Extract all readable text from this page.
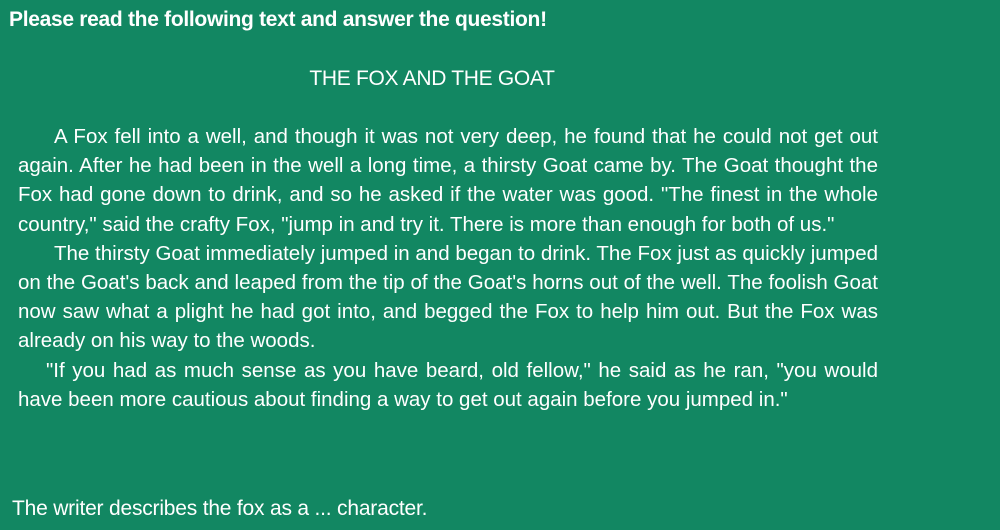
Please read the following text and answer the question!
THE FOX AND THE GOAT

A Fox fell into a well, and though it was not very deep, he found that he could not get out again. After he had been in the well a long time, a thirsty Goat came by. The Goat thought the Fox had gone down to drink, and so he asked if the water was good. "The finest in the whole country," said the crafty Fox, "jump in and try it. There is more than enough for both of us."

The thirsty Goat immediately jumped in and began to drink. The Fox just as quickly jumped on the Goat's back and leaped from the tip of the Goat's horns out of the well. The foolish Goat now saw what a plight he had got into, and begged the Fox to help him out. But the Fox was already on his way to the woods.

"If you had as much sense as you have beard, old fellow," he said as he ran, "you would have been more cautious about finding a way to get out again before you jumped in."

The writer describes the fox as a ... character.
